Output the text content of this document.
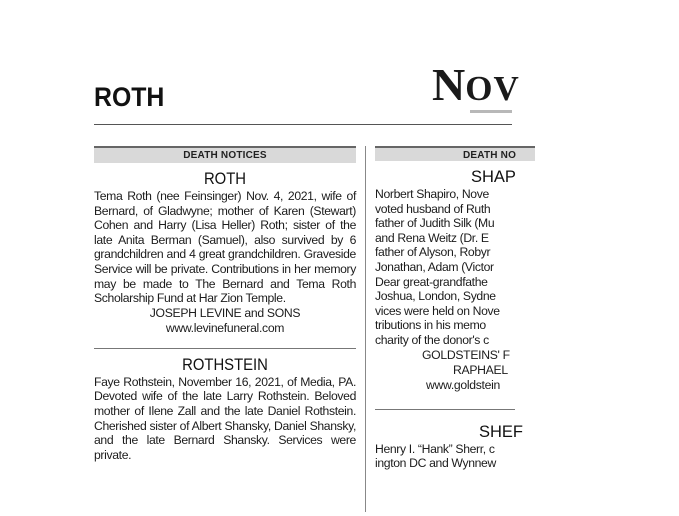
ROTH	NOV
DEATH NOTICES
ROTH
Tema Roth (nee Feinsinger) Nov. 4, 2021, wife of Bernard, of Gladwyne; mother of Karen (Stewart) Cohen and Harry (Lisa Heller) Roth; sister of the late Anita Berman (Samuel), also survived by 6 grandchildren and 4 great grandchildren. Graveside Service will be private. Contributions in her memory may be made to The Bernard and Tema Roth Scholarship Fund at Har Zion Temple.
JOSEPH LEVINE and SONS
www.levinefuneral.com
ROTHSTEIN
Faye Rothstein, November 16, 2021, of Media, PA. Devoted wife of the late Larry Rothstein. Beloved mother of Ilene Zall and the late Daniel Rothstein. Cherished sister of Albert Shansky, Daniel Shansky, and the late Bernard Shansky. Services were private.
DEATH NO
SHAP
Norbert Shapiro, Nove
voted husband of Ruth
father of Judith Silk (Mu
and Rena Weitz (Dr. E
father of Alyson, Robyr
Jonathan, Adam (Victor
Dear great-grandfathe
Joshua, London, Sydne
vices were held on Nove
tributions in his memo
charity of the donor's c
GOLDSTEINS' F
RAPHAEL
www.goldstein
SHEF
Henry I. “Hank” Sherr, c
ington DC and Wynnew
